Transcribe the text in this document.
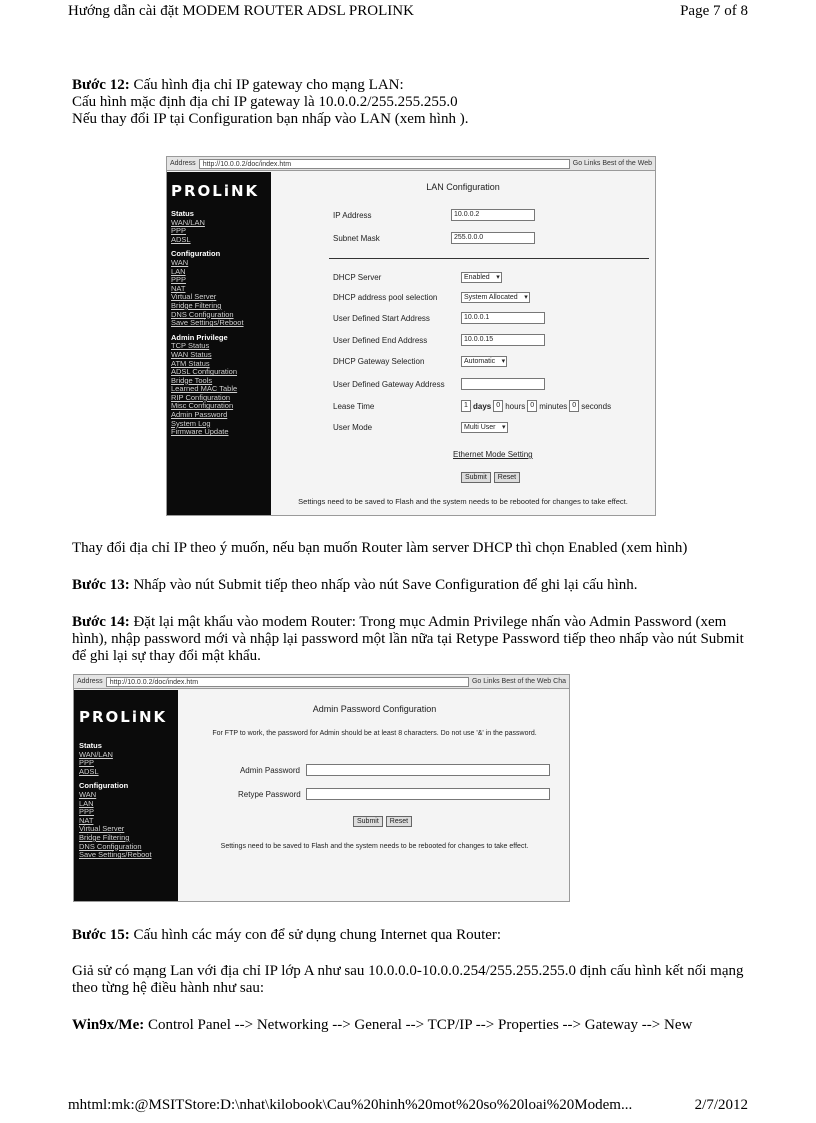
Hướng dẫn cài đặt MODEM ROUTER ADSL PROLINK	Page 7 of 8
Bước 12: Cấu hình địa chỉ IP gateway cho mạng LAN:
Cấu hình mặc định địa chỉ IP gateway là 10.0.0.2/255.255.255.0
Nếu thay đổi IP tại Configuration bạn nhấp vào LAN (xem hình ).
Address	http://10.0.0.2/doc/index.htm	Go Links Best of the Web
PROLiNK
Status
WAN/LAN
PPP
ADSL
Configuration
WAN
LAN
PPP
NAT
Virtual Server
Bridge Filtering
DNS Configuration
Save Settings/Reboot
Admin Privilege
TCP Status
WAN Status
ATM Status
ADSL Configuration
Bridge Tools
Learned MAC Table
RIP Configuration
Misc Configuration
Admin Password
System Log
Firmware Update
LAN Configuration
IP Address	10.0.0.2
Subnet Mask	255.0.0.0
DHCP Server	Enabled ▾
DHCP address pool selection	System Allocated ▾
User Defined Start Address	10.0.0.1
User Defined End Address	10.0.0.15
DHCP Gateway Selection	Automatic ▾
User Defined Gateway Address
Lease Time	1 days 0 hours 0 minutes 0 seconds
User Mode	Multi User ▾
Ethernet Mode Setting
Submit	Reset
Settings need to be saved to Flash and the system needs to be rebooted for changes to take effect.
Thay đổi địa chỉ IP theo ý muốn, nếu bạn muốn Router làm server DHCP thì chọn Enabled (xem hình)
Bước 13: Nhấp vào nút Submit tiếp theo nhấp vào nút Save Configuration để ghi lại cấu hình.
Bước 14: Đặt lại mật khẩu vào modem Router: Trong mục Admin Privilege nhấn vào Admin Password (xem hình), nhập password mới và nhập lại password một lần nữa tại Retype Password tiếp theo nhấp vào nút Submit để ghi lại sự thay đổi mật khẩu.
Address	http://10.0.0.2/doc/index.htm	Go Links Best of the Web Cha
PROLiNK
Status
WAN/LAN
PPP
ADSL
Configuration
WAN
LAN
PPP
NAT
Virtual Server
Bridge Filtering
DNS Configuration
Save Settings/Reboot
Admin Password Configuration
For FTP to work, the password for Admin should be at least 8 characters. Do not use '&' in the password.
Admin Password
Retype Password
Submit	Reset
Settings need to be saved to Flash and the system needs to be rebooted for changes to take effect.
Bước 15: Cấu hình các máy con để sử dụng chung Internet qua Router:
Giả sử có mạng Lan với địa chỉ IP lớp A như sau 10.0.0.0-10.0.0.254/255.255.255.0 định cấu hình kết nối mạng theo từng hệ điều hành như sau:
Win9x/Me: Control Panel --> Networking --> General --> TCP/IP --> Properties --> Gateway --> New
mhtml:mk:@MSITStore:D:\nhat\kilobook\Cau%20hinh%20mot%20so%20loai%20Modem...	2/7/2012
